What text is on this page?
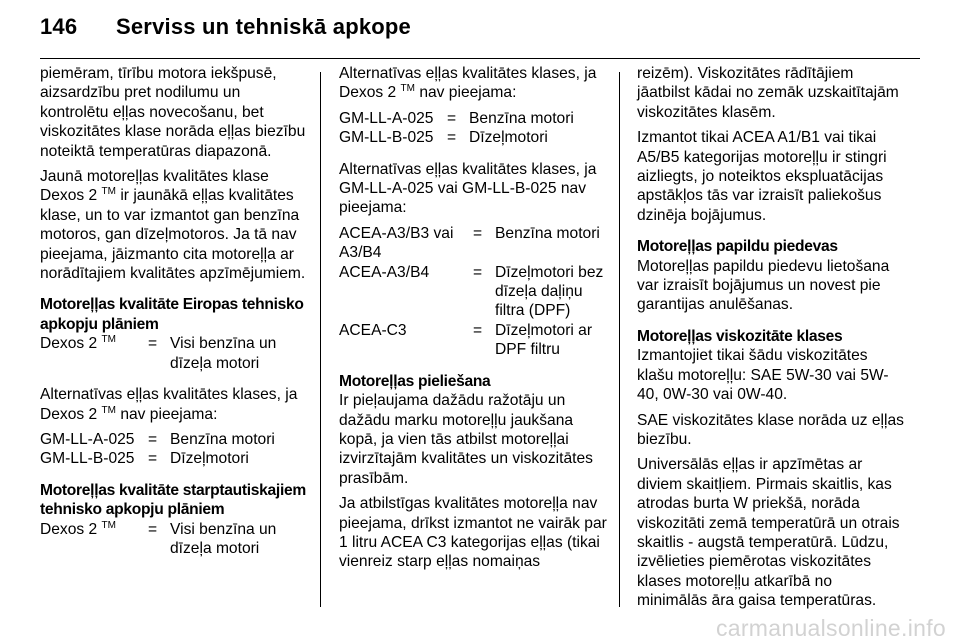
146 Serviss un tehniskā apkope

piemēram, tīrību motora iekšpusē, aizsardzību pret nodilumu un kontrolētu eļļas novecošanu, bet viskozitātes klase norāda eļļas biezību noteiktā temperatūras diapazonā.

Jaunā motoreļļas kvalitātes klase Dexos 2 ™ ir jaunākā eļļas kvalitātes klase, un to var izmantot gan benzīna motoros, gan dīzeļmotoros. Ja tā nav pieejama, jāizmanto cita motoreļļa ar norādītajiem kvalitātes apzīmējumiem.

Motoreļļas kvalitāte Eiropas tehnisko apkopju plāniem

Dexos 2 ™	=	Visi benzīna un dīzeļa motori

Alternatīvas eļļas kvalitātes klases, ja Dexos 2 ™ nav pieejama:

GM-LL-A-025	=	Benzīna motori
GM-LL-B-025	=	Dīzeļmotori

Motoreļļas kvalitāte starptautiskajiem tehnisko apkopju plāniem

Dexos 2 ™	=	Visi benzīna un dīzeļa motori

Alternatīvas eļļas kvalitātes klases, ja Dexos 2 ™ nav pieejama:

GM-LL-A-025	=	Benzīna motori
GM-LL-B-025	=	Dīzeļmotori

Alternatīvas eļļas kvalitātes klases, ja GM-LL-A-025 vai GM-LL-B-025 nav pieejama:

ACEA-A3/B3 vai A3/B4	=	Benzīna motori
ACEA-A3/B4	=	Dīzeļmotori bez dīzeļa daļiņu filtra (DPF)
ACEA-C3	=	Dīzeļmotori ar DPF filtru

Motoreļļas pieliešana

Ir pieļaujama dažādu ražotāju un dažādu marku motoreļļu jaukšana kopā, ja vien tās atbilst motoreļļai izvirzītajām kvalitātes un viskozitātes prasībām.

Ja atbilstīgas kvalitātes motoreļļa nav pieejama, drīkst izmantot ne vairāk par 1 litru ACEA C3 kategorijas eļļas (tikai vienreiz starp eļļas nomaiņas

reizēm). Viskozitātes rādītājiem jāatbilst kādai no zemāk uzskaitītajām viskozitātes klasēm.

Izmantot tikai ACEA A1/B1 vai tikai A5/B5 kategorijas motoreļļu ir stingri aizliegts, jo noteiktos ekspluatācijas apstākļos tās var izraisīt paliekošus dzinēja bojājumus.

Motoreļļas papildu piedevas

Motoreļļas papildu piedevu lietošana var izraisīt bojājumus un novest pie garantijas anulēšanas.

Motoreļļas viskozitāte klases

Izmantojiet tikai šādu viskozitātes klašu motoreļļu: SAE 5W-30 vai 5W-40, 0W-30 vai 0W-40.

SAE viskozitātes klase norāda uz eļļas biezību.

Universālās eļļas ir apzīmētas ar diviem skaitļiem. Pirmais skaitlis, kas atrodas burta W priekšā, norāda viskozitāti zemā temperatūrā un otrais skaitlis - augstā temperatūrā. Lūdzu, izvēlieties piemērotas viskozitātes klases motoreļļu atkarībā no minimālās āra gaisa temperatūras.

carmanualsonline.info
